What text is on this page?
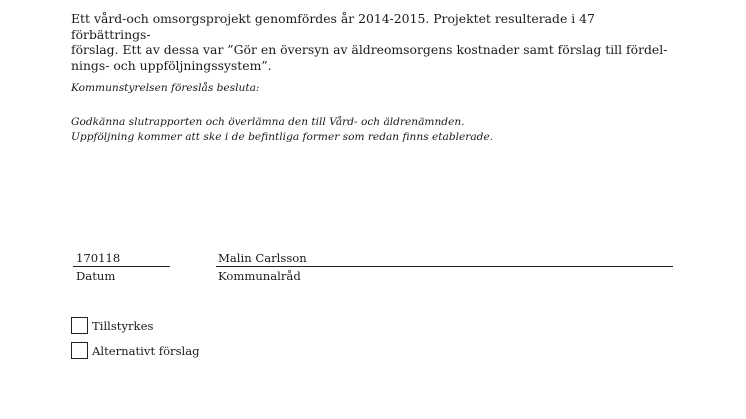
Ett vård-och omsorgsprojekt genomfördes år 2014-2015. Projektet resulterade i 47 förbättrings-
förslag. Ett av dessa var ”Gör en översyn av äldreomsorgens kostnader samt förslag till fördel-
nings- och uppföljningssystem”.

Kommunstyrelsen föreslås besluta:

Godkänna slutrapporten och överlämna den till Vård- och äldrenämnden.

Uppföljning kommer att ske i de befintliga former som redan finns etablerade.

170118	Malin Carlsson
Datum	Kommunalråd
Tillstyrkes
Alternativt förslag
